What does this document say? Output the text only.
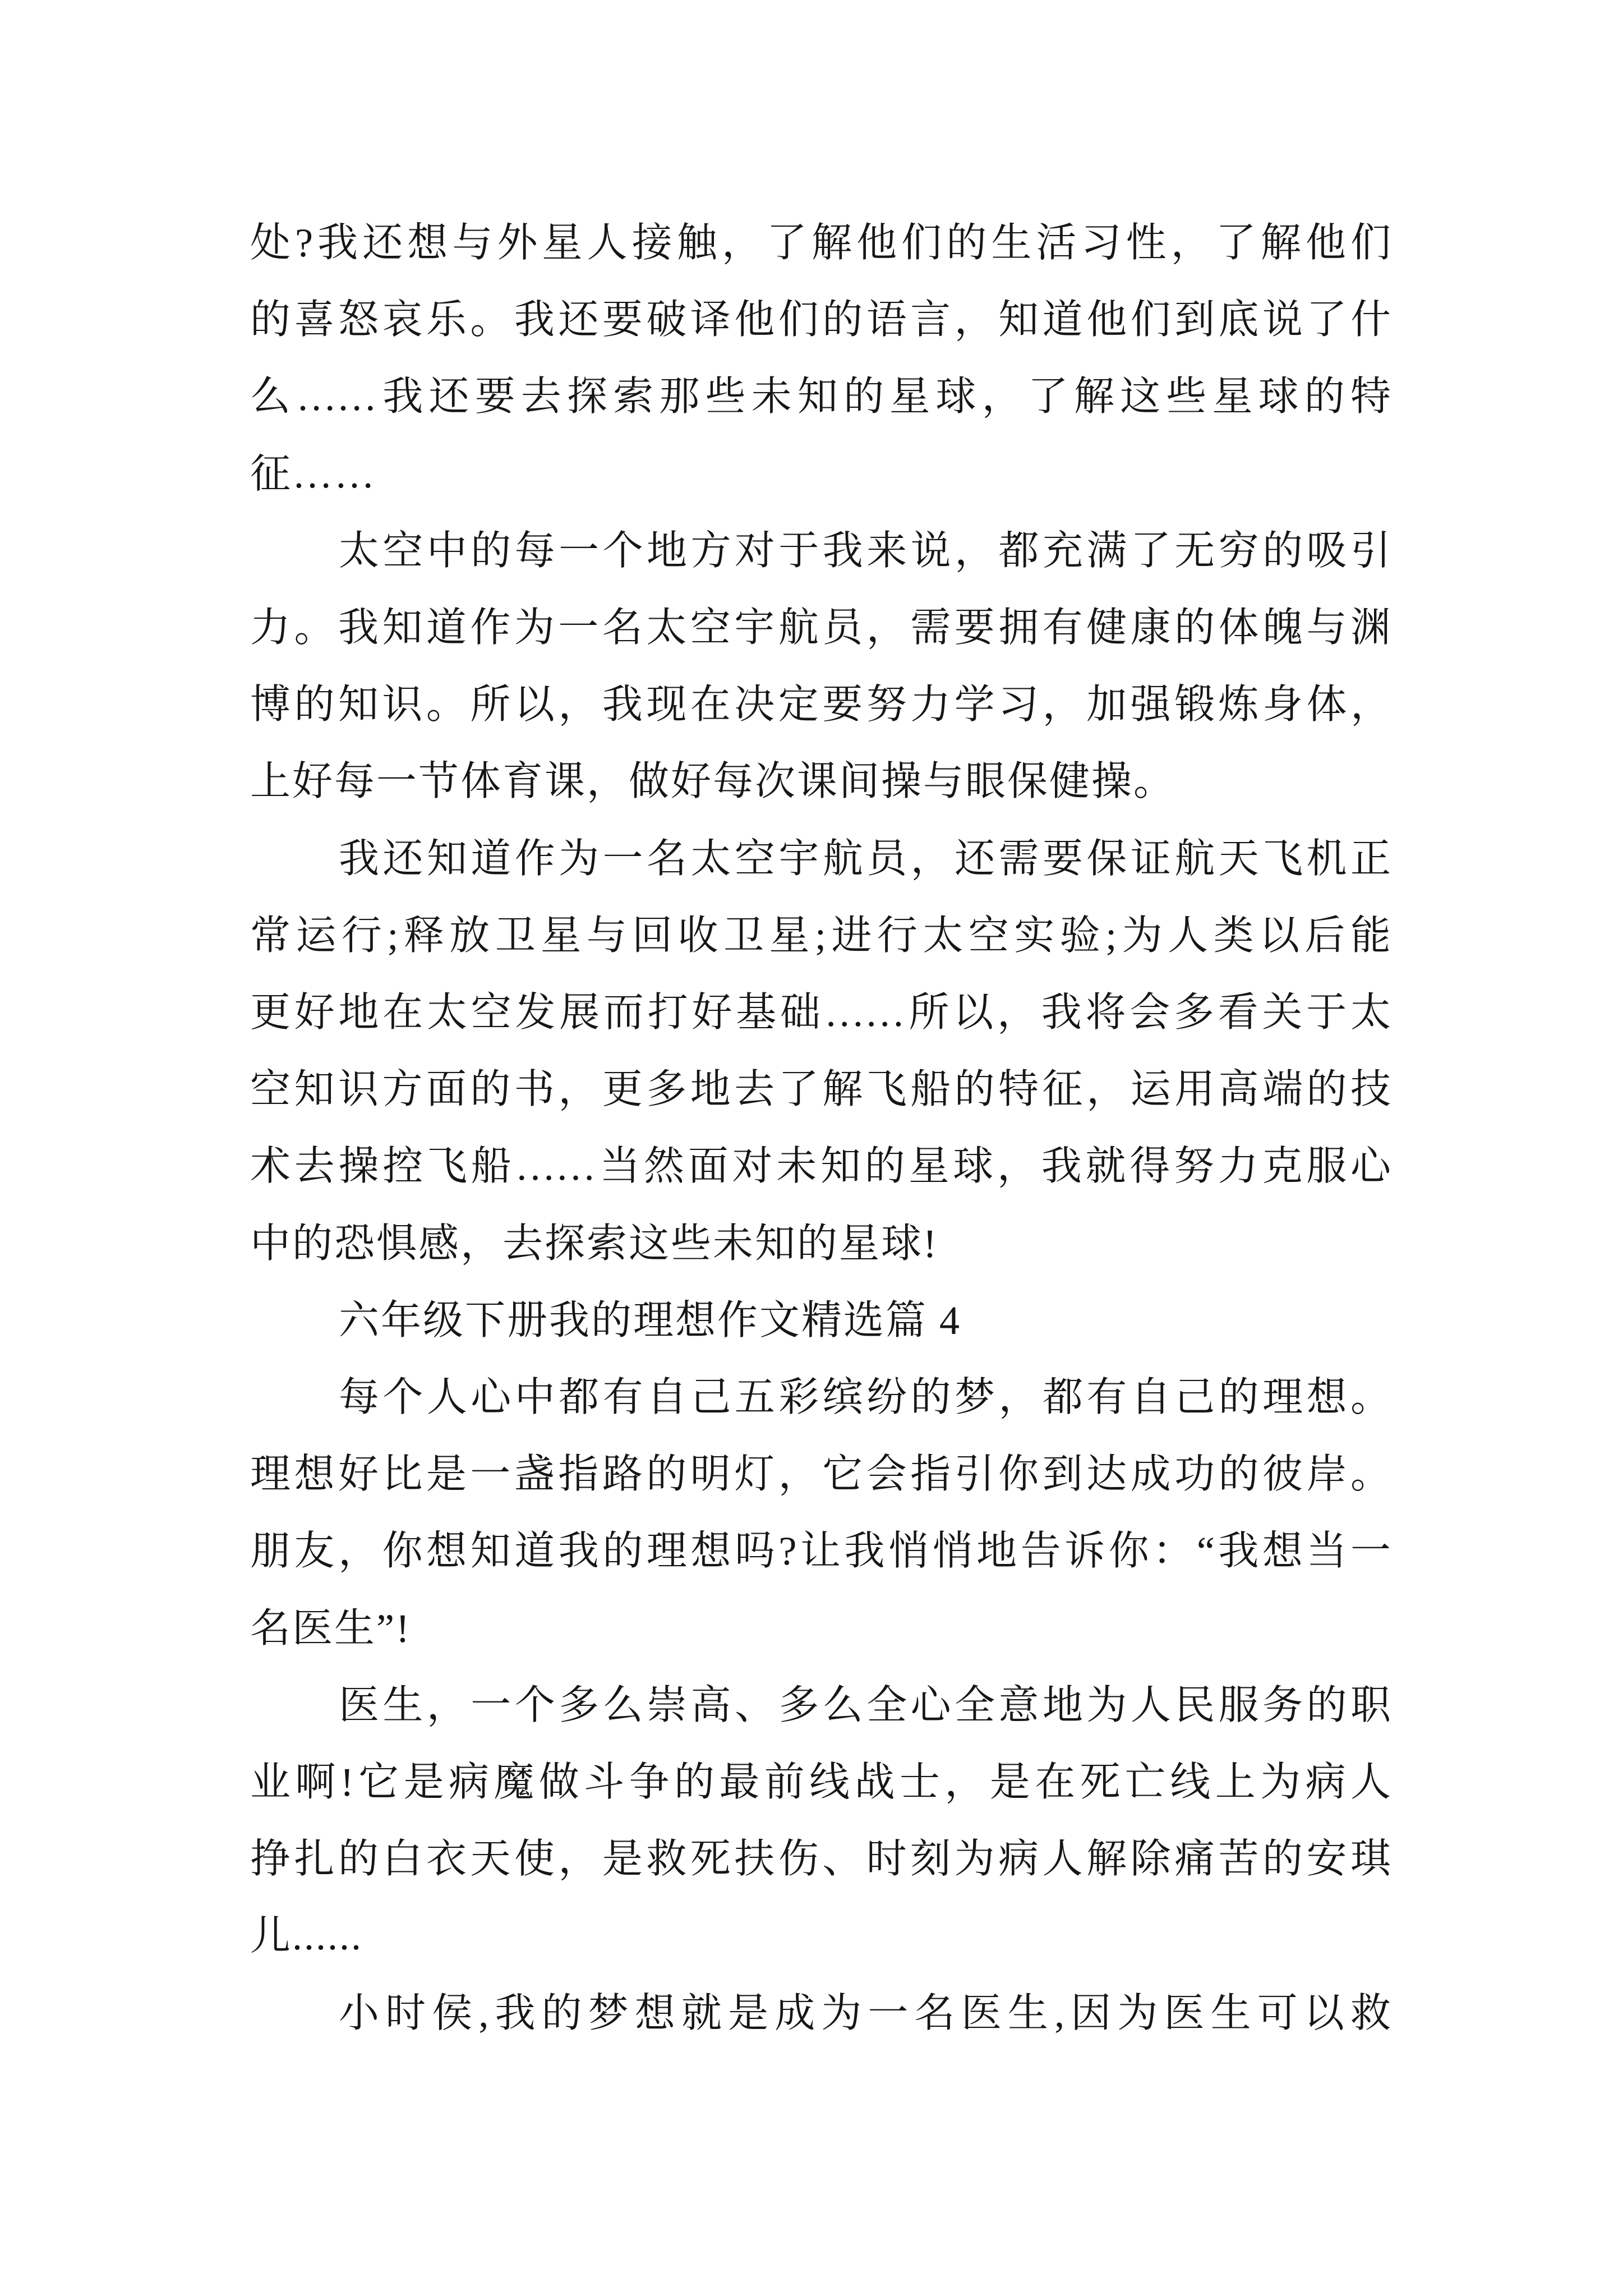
处?我还想与外星人接触，了解他们的生活习性，了解他们
的喜怒哀乐。我还要破译他们的语言，知道他们到底说了什
么……我还要去探索那些未知的星球，了解这些星球的特
征……
太空中的每一个地方对于我来说，都充满了无穷的吸引
力。我知道作为一名太空宇航员，需要拥有健康的体魄与渊
博的知识。所以，我现在决定要努力学习，加强锻炼身体，
上好每一节体育课，做好每次课间操与眼保健操。
我还知道作为一名太空宇航员，还需要保证航天飞机正
常运行;释放卫星与回收卫星;进行太空实验;为人类以后能
更好地在太空发展而打好基础……所以，我将会多看关于太
空知识方面的书，更多地去了解飞船的特征，运用高端的技
术去操控飞船……当然面对未知的星球，我就得努力克服心
中的恐惧感，去探索这些未知的星球!
六年级下册我的理想作文精选篇 4
每个人心中都有自己五彩缤纷的梦，都有自己的理想。
理想好比是一盏指路的明灯，它会指引你到达成功的彼岸。
朋友，你想知道我的理想吗?让我悄悄地告诉你：“我想当一
名医生”!
医生，一个多么崇高、多么全心全意地为人民服务的职
业啊!它是病魔做斗争的最前线战士，是在死亡线上为病人
挣扎的白衣天使，是救死扶伤、时刻为病人解除痛苦的安琪
儿......
小时侯,我的梦想就是成为一名医生,因为医生可以救
